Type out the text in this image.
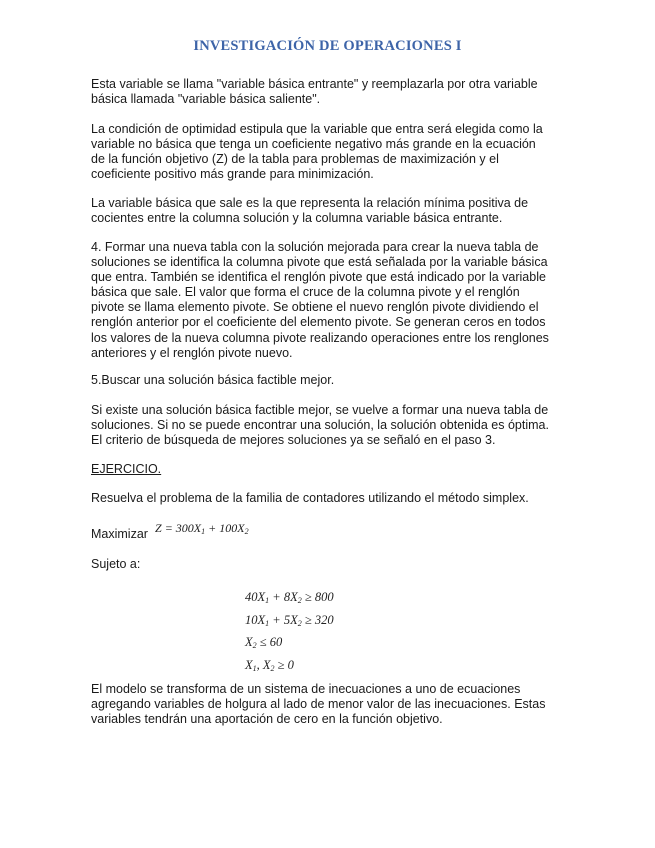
INVESTIGACIÓN DE OPERACIONES I
Esta variable se llama "variable básica entrante" y reemplazarla por otra variable
básica llamada "variable básica saliente".
La condición de optimidad estipula que la variable que entra será elegida como la
variable no básica que tenga un coeficiente negativo más grande en la ecuación
de la función objetivo (Z) de la tabla para problemas de maximización y el
coeficiente positivo más grande para minimización.
La variable básica que sale es la que representa la relación mínima positiva de
cocientes entre la columna solución y la columna variable básica entrante.
4. Formar una nueva tabla con la solución mejorada para crear la nueva tabla de
soluciones se identifica la columna pivote que está señalada por la variable básica
que entra. También se identifica el renglón pivote que está indicado por la variable
básica que sale. El valor que forma el cruce de la columna pivote y el renglón
pivote se llama elemento pivote. Se obtiene el nuevo renglón pivote dividiendo el
renglón anterior por el coeficiente del elemento pivote. Se generan ceros en todos
los valores de la nueva columna pivote realizando operaciones entre los renglones
anteriores y el renglón pivote nuevo.
5.Buscar una solución básica factible mejor.
Si existe una solución básica factible mejor, se vuelve a formar una nueva tabla de
soluciones. Si no se puede encontrar una solución, la solución obtenida es óptima.
El criterio de búsqueda de mejores soluciones ya se señaló en el paso 3.
EJERCICIO.
Resuelva el problema de la familia de contadores utilizando el método simplex.
Maximizar $Z = 300X_1 + 100X_2$
Sujeto a:
$40X_1 + 8X_2 \ge 800$
$10X_1 + 5X_2 \ge 320$
$X_2 \le 60$
$X_1$, $X_2 \ge 0$
El modelo se transforma de un sistema de inecuaciones a uno de ecuaciones
agregando variables de holgura al lado de menor valor de las inecuaciones. Estas
variables tendrán una aportación de cero en la función objetivo.
